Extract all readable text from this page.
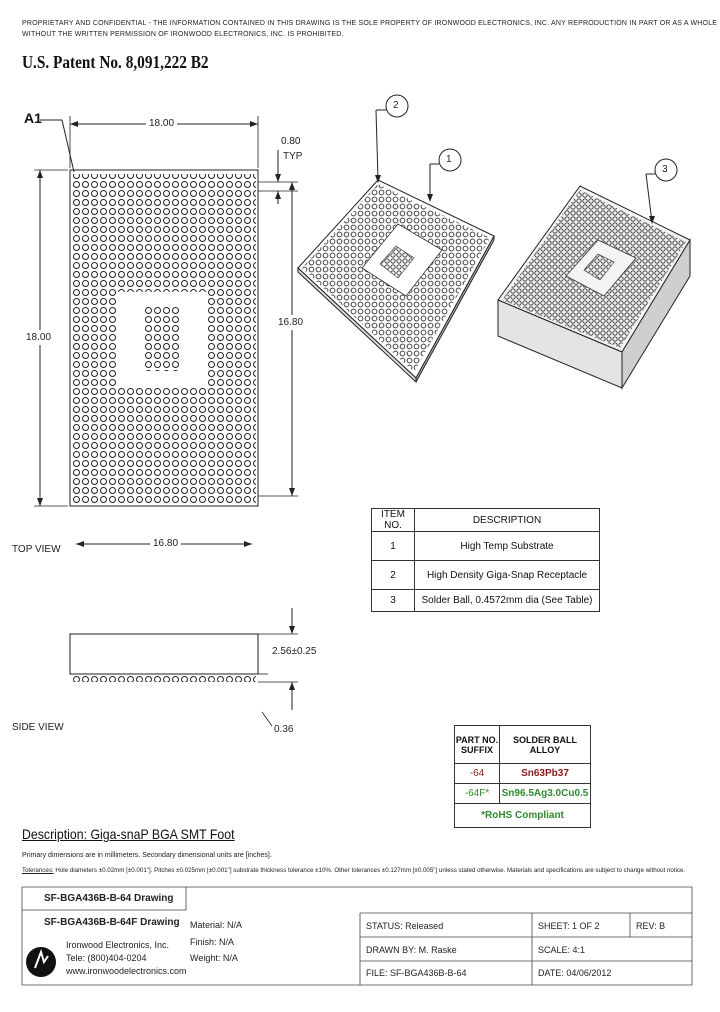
PROPRIETARY AND CONFIDENTIAL - THE INFORMATION CONTAINED IN THIS DRAWING IS THE SOLE PROPERTY OF IRONWOOD ELECTRONICS, INC. ANY REPRODUCTION IN PART OR AS A WHOLE
WITHOUT THE WRITTEN PERMISSION OF IRONWOOD ELECTRONICS, INC. IS PROHIBITED.
U.S. Patent No. 8,091,222 B2
A1	18.00
0.80
TYP
18.00
16.80
16.80
TOP VIEW
SIDE VIEW
2.56±0.25
0.36
2
1
3
ITEM NO.	DESCRIPTION
1	High Temp Substrate
2	High Density Giga-Snap Receptacle
3	Solder Ball, 0.4572mm dia (See Table)
PART NO. SUFFIX	SOLDER BALL ALLOY
-64	Sn63Pb37
-64F*	Sn96.5Ag3.0Cu0.5
*RoHS Compliant	
Description: Giga-snaP BGA SMT Foot
Primary dimensions are in millimeters. Secondary dimensional units are [inches].
Tolerances: Hole diameters ±0.02mm [±0.001"]. Pitches ±0.025mm [±0.001"] substrate thickness tolerance ±10%. Other tolerances ±0.127mm [±0.005"] unless stated otherwise. Materials and specifications are subject to change without notice.
SF-BGA436B-B-64 Drawing
SF-BGA436B-B-64F Drawing
Ironwood Electronics, Inc.
Tele: (800)404-0204
www.ironwoodelectronics.com
Material: N/A
Finish: N/A
Weight: N/A
STATUS: Released	SHEET: 1 OF 2	REV: B
DRAWN BY: M. Raske	SCALE: 4:1
FILE: SF-BGA436B-B-64	DATE: 04/06/2012
